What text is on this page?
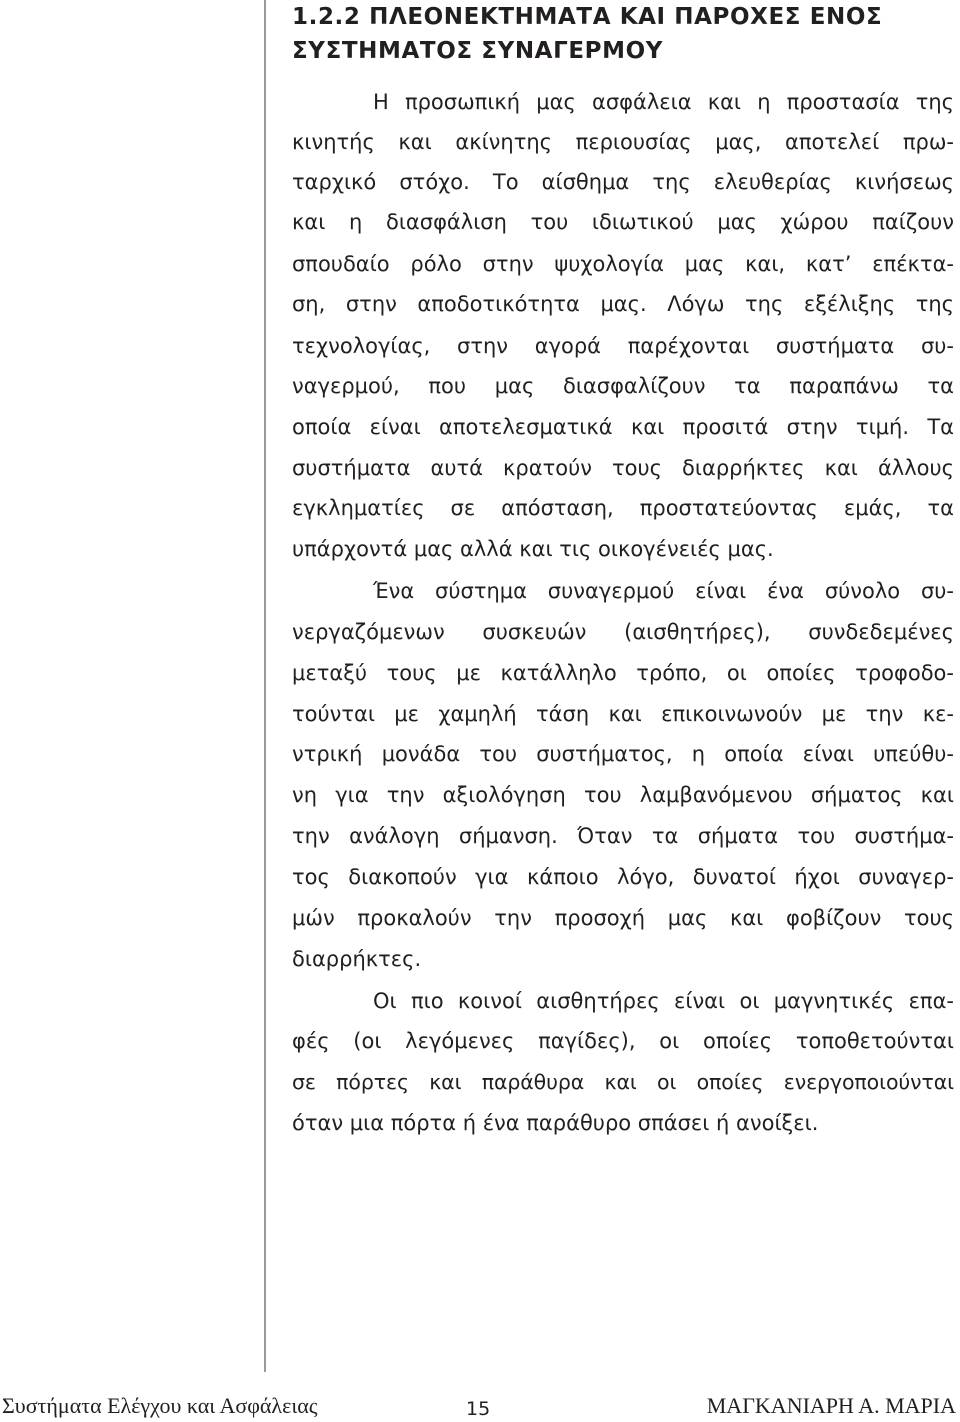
1.2.2 ΠΛΕΟΝΕΚΤΗΜΑΤΑ ΚΑΙ ΠΑΡΟΧΕΣ ΕΝΟΣ
ΣΥΣΤΗΜΑΤΟΣ ΣΥΝΑΓΕΡΜΟΥ
Η προσωπική μας ασφάλεια και η προστασία της
κινητής και ακίνητης περιουσίας μας, αποτελεί πρω-
ταρχικό στόχο. Το αίσθημα της ελευθερίας κινήσεως
και η διασφάλιση του ιδιωτικού μας χώρου παίζουν
σπουδαίο ρόλο στην ψυχολογία μας και, κατ’ επέκτα-
ση, στην αποδοτικότητα μας. Λόγω της εξέλιξης της
τεχνολογίας, στην αγορά παρέχονται συστήματα συ-
ναγερμού, που μας διασφαλίζουν τα παραπάνω τα
οποία είναι αποτελεσματικά και προσιτά στην τιμή. Τα
συστήματα αυτά κρατούν τους διαρρήκτες και άλλους
εγκληματίες σε απόσταση, προστατεύοντας εμάς, τα
υπάρχοντά μας αλλά και τις οικογένειές μας.
Ένα σύστημα συναγερμού είναι ένα σύνολο συ-
νεργαζόμενων συσκευών (αισθητήρες), συνδεδεμένες
μεταξύ τους με κατάλληλο τρόπο, οι οποίες τροφοδο-
τούνται με χαμηλή τάση και επικοινωνούν με την κε-
ντρική μονάδα του συστήματος, η οποία είναι υπεύθυ-
νη για την αξιολόγηση του λαμβανόμενου σήματος και
την ανάλογη σήμανση. Όταν τα σήματα του συστήμα-
τος διακοπούν για κάποιο λόγο, δυνατοί ήχοι συναγερ-
μών προκαλούν την προσοχή μας και φοβίζουν τους
διαρρήκτες.
Οι πιο κοινοί αισθητήρες είναι οι μαγνητικές επα-
φές (οι λεγόμενες παγίδες), οι οποίες τοποθετούνται
σε πόρτες και παράθυρα και οι οποίες ενεργοποιούνται
όταν μια πόρτα ή ένα παράθυρο σπάσει ή ανοίξει.
Συστήματα Ελέγχου και Ασφάλειας	15	ΜΑΓΚΑΝΙΑΡΗ Α. ΜΑΡΙΑ
